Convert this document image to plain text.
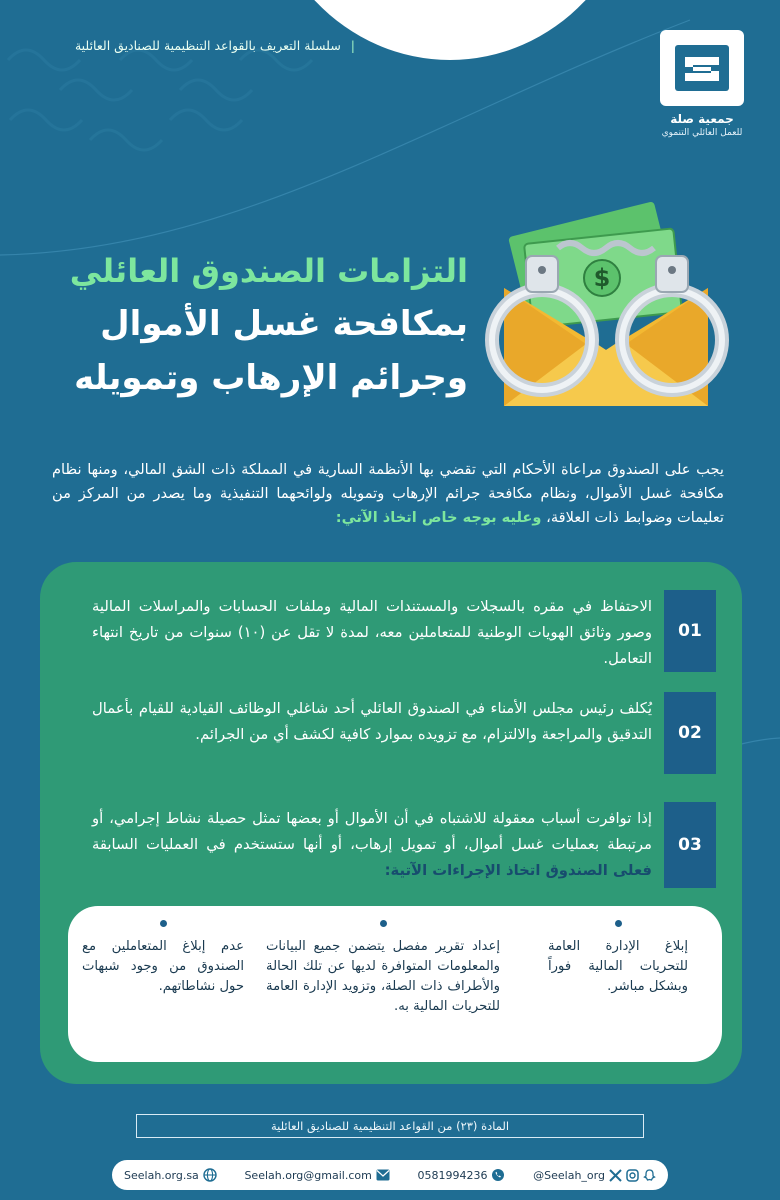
| سلسلة التعريف بالقواعد التنظيمية للصناديق العائلية
جمعية صلة
للعمل العائلي التنموي
التزامات الصندوق العائلي
بمكافحة غسل الأموال
وجرائم الإرهاب وتمويله
$

يجب على الصندوق مراعاة الأحكام التي تقضي بها الأنظمة السارية في المملكة ذات الشق المالي، ومنها نظام مكافحة غسل الأموال، ونظام مكافحة جرائم الإرهاب وتمويله ولوائحهما التنفيذية وما يصدر من المركز من تعليمات وضوابط ذات العلاقة، وعليه بوجه خاص اتخاذ الآتي:

01

الاحتفاظ في مقره بالسجلات والمستندات المالية وملفات الحسابات والمراسلات المالية وصور وثائق الهويات الوطنية للمتعاملين معه، لمدة لا تقل عن (١٠) سنوات من تاريخ انتهاء التعامل.

02

يُكلف رئيس مجلس الأمناء في الصندوق العائلي أحد شاغلي الوظائف القيادية للقيام بأعمال التدقيق والمراجعة والالتزام، مع تزويده بموارد كافية لكشف أي من الجرائم.

03

إذا توافرت أسباب معقولة للاشتباه في أن الأموال أو بعضها تمثل حصيلة نشاط إجرامي، أو مرتبطة بعمليات غسل أموال، أو تمويل إرهاب، أو أنها ستستخدم في العمليات السابقة فعلى الصندوق اتخاذ الإجراءات الآتية:

إبلاغ الإدارة العامة للتحريات المالية فوراً وبشكل مباشر.

إعداد تقرير مفصل يتضمن جميع البيانات والمعلومات المتوافرة لديها عن تلك الحالة والأطراف ذات الصلة، وتزويد الإدارة العامة للتحريات المالية به.

عدم إبلاغ المتعاملين مع الصندوق من وجود شبهات حول نشاطاتهم.

المادة (٢٣) من القواعد التنظيمية للصناديق العائلية
Seelah.org.sa	Seelah.org@gmail.com	0581994236	@Seelah_org
